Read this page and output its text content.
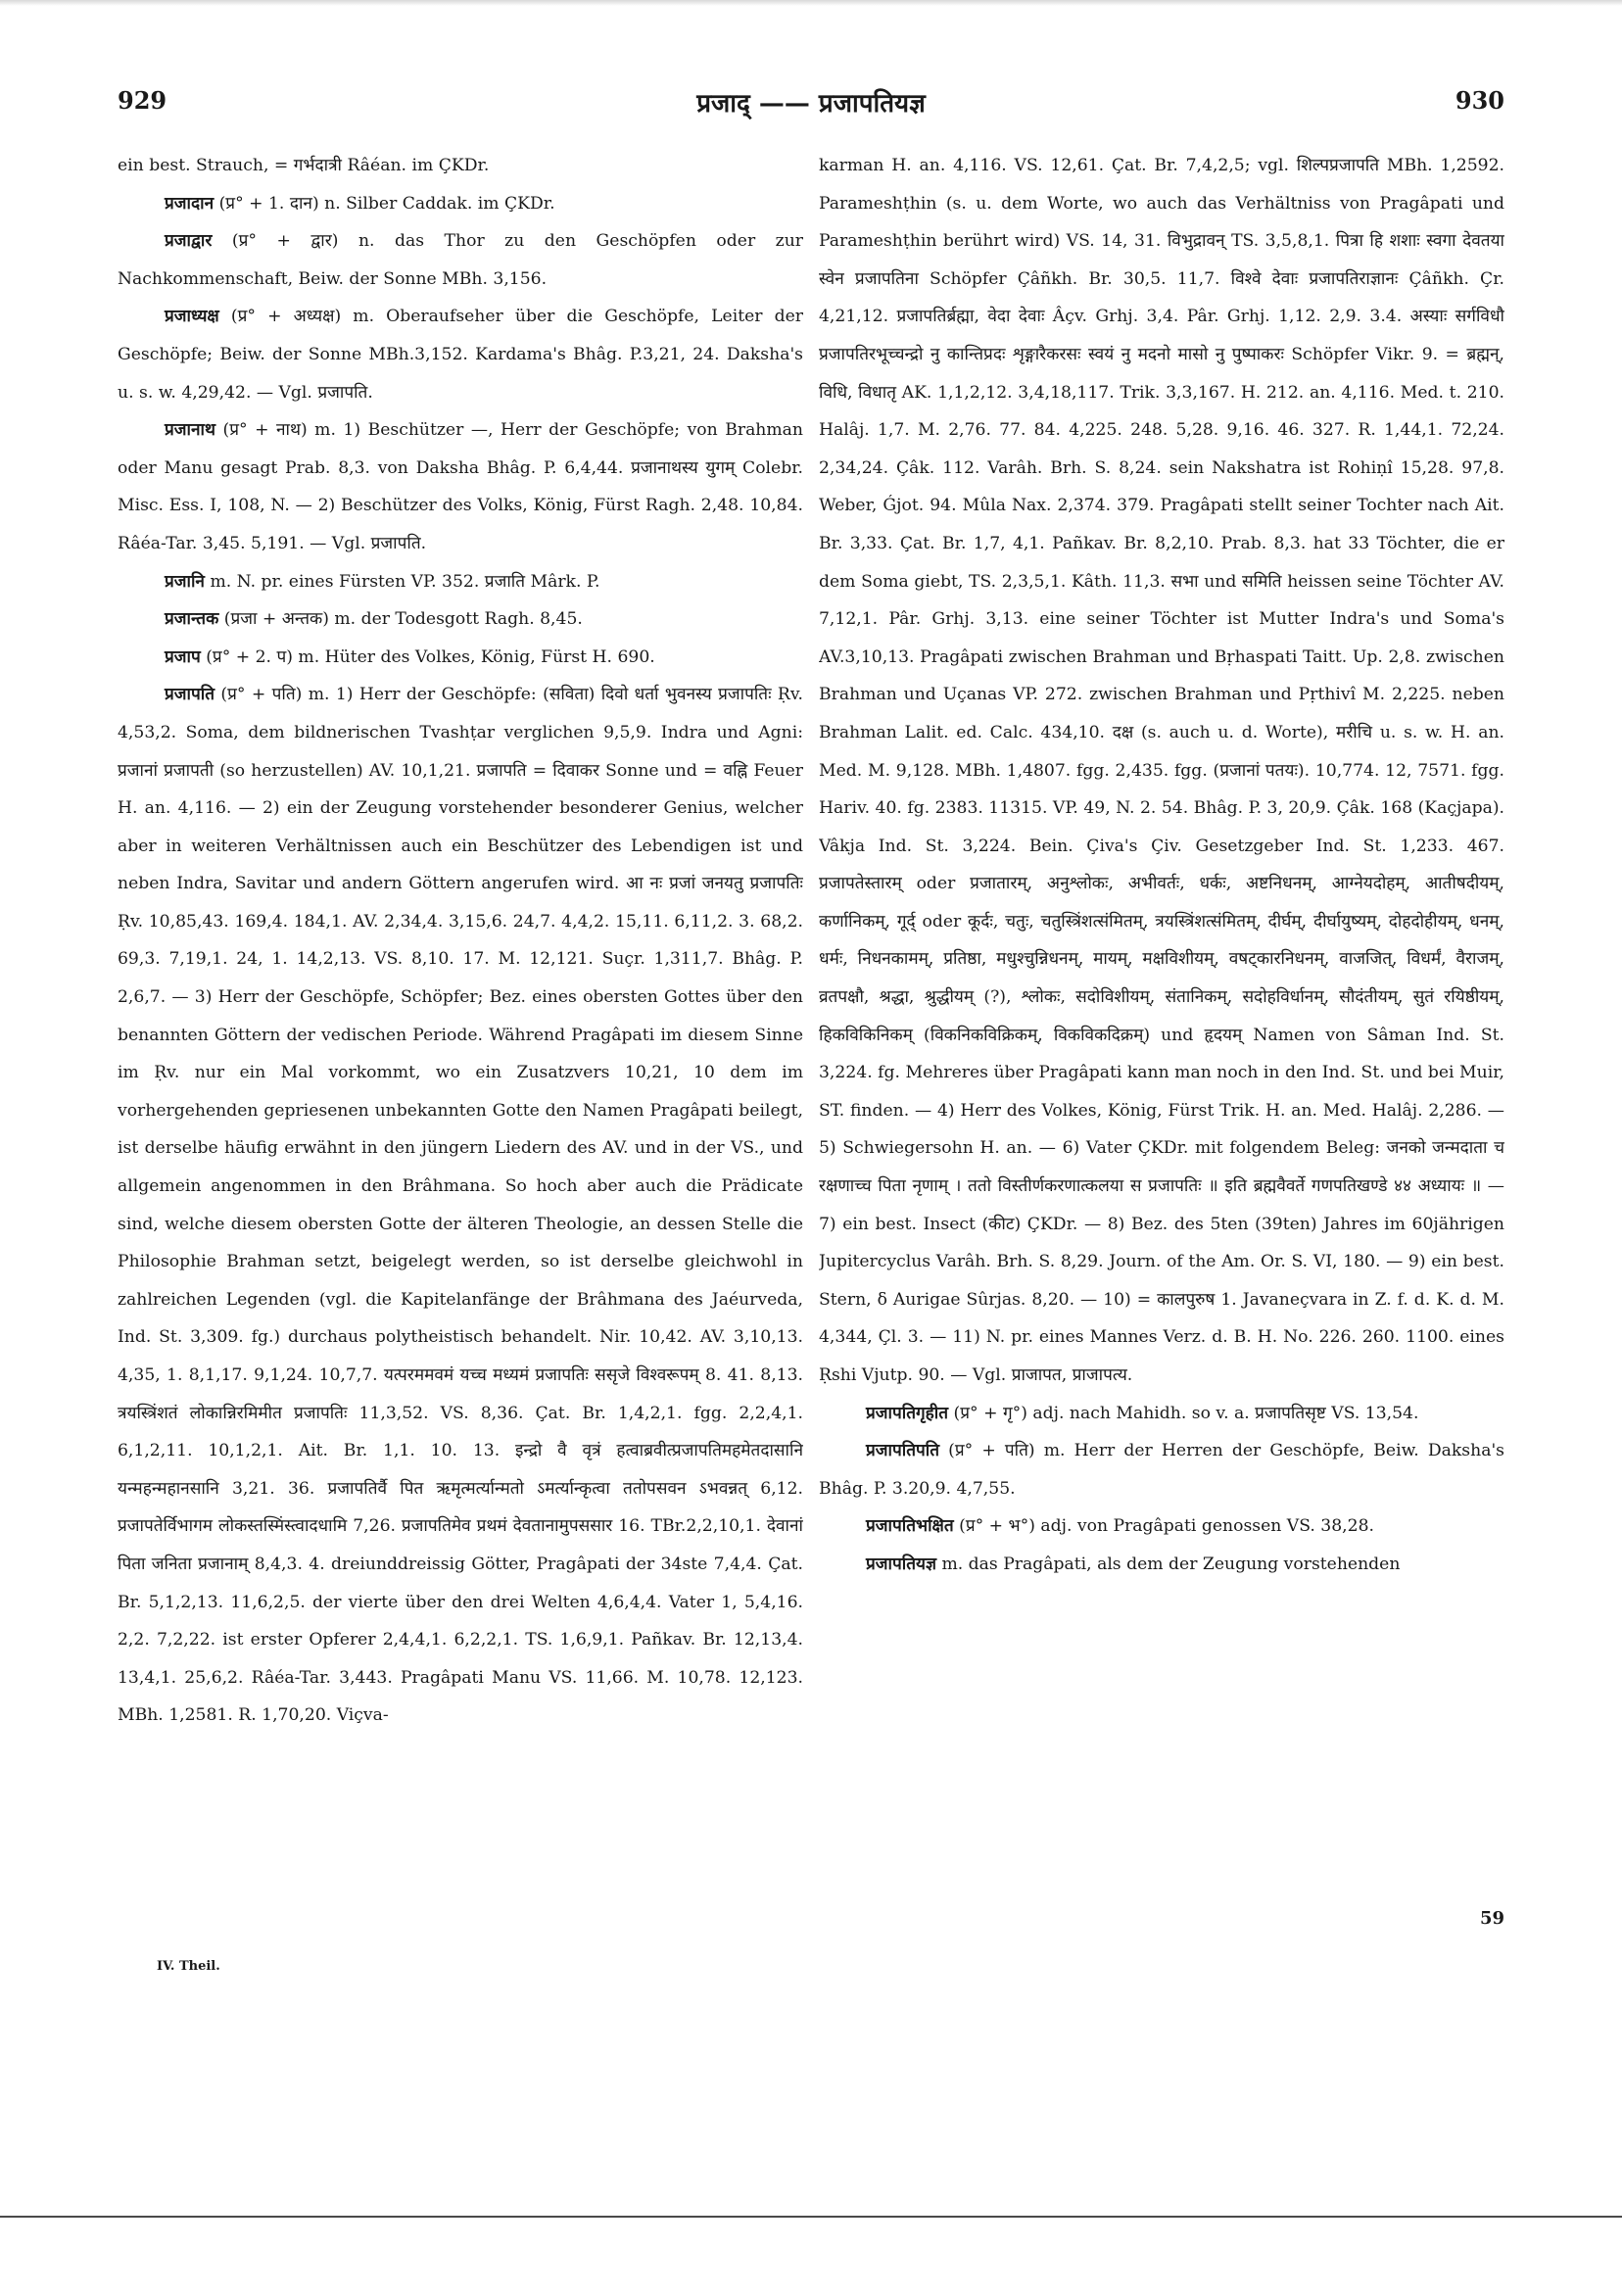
929	प्रजाद् —— प्रजापतियज्ञ	930

ein best. Strauch, = गर्भदात्री Râéan. im ÇKDr.

प्रजादान (प्र° + 1. दान) n. Silber Caddak. im ÇKDr.

प्रजाद्वार (प्र° + द्वार) n. das Thor zu den Geschöpfen oder zur Nachkommenschaft, Beiw. der Sonne MBh. 3,156.

प्रजाध्यक्ष (प्र° + अध्यक्ष) m. Oberaufseher über die Geschöpfe, Leiter der Geschöpfe; Beiw. der Sonne MBh.3,152. Kardama's Bhâg. P.3,21, 24. Daksha's u. s. w. 4,29,42. — Vgl. प्रजापति.

प्रजानाथ (प्र° + नाथ) m. 1) Beschützer —, Herr der Geschöpfe; von Brahman oder Manu gesagt Prab. 8,3. von Daksha Bhâg. P. 6,4,44. प्रजानाथस्य युगम् Colebr. Misc. Ess. I, 108, N. — 2) Beschützer des Volks, König, Fürst Ragh. 2,48. 10,84. Râéa-Tar. 3,45. 5,191. — Vgl. प्रजापति.

प्रजानि m. N. pr. eines Fürsten VP. 352. प्रजाति Mârk. P.

प्रजान्तक (प्रजा + अन्तक) m. der Todesgott Ragh. 8,45.

प्रजाप (प्र° + 2. प) m. Hüter des Volkes, König, Fürst H. 690.

प्रजापति (प्र° + पति) m. 1) Herr der Geschöpfe: (सविता) दिवो धर्ता भुवनस्य प्रजापतिः Ṛv. 4,53,2. Soma, dem bildnerischen Tvashṭar verglichen 9,5,9. Indra und Agni: प्रजानां प्रजापती (so herzustellen) AV. 10,1,21. प्रजापति = दिवाकर Sonne und = वह्नि Feuer H. an. 4,116. — 2) ein der Zeugung vorstehender besonderer Genius, welcher aber in weiteren Verhältnissen auch ein Beschützer des Lebendigen ist und neben Indra, Savitar und andern Göttern angerufen wird. आ नः प्रजां जनयतु प्रजापतिः Ṛv. 10,85,43. 169,4. 184,1. AV. 2,34,4. 3,15,6. 24,7. 4,4,2. 15,11. 6,11,2. 3. 68,2. 69,3. 7,19,1. 24, 1. 14,2,13. VS. 8,10. 17. M. 12,121. Suçr. 1,311,7. Bhâg. P. 2,6,7. — 3) Herr der Geschöpfe, Schöpfer; Bez. eines obersten Gottes über den benannten Göttern der vedischen Periode. Während Pragâpati im diesem Sinne im Ṛv. nur ein Mal vorkommt, wo ein Zusatzvers 10,21, 10 dem im vorhergehenden gepriesenen unbekannten Gotte den Namen Pragâpati beilegt, ist derselbe häufig erwähnt in den jüngern Liedern des AV. und in der VS., und allgemein angenommen in den Brâhmana. So hoch aber auch die Prädicate sind, welche diesem obersten Gotte der älteren Theologie, an dessen Stelle die Philosophie Brahman setzt, beigelegt werden, so ist derselbe gleichwohl in zahlreichen Legenden (vgl. die Kapitelanfänge der Brâhmana des Jaéurveda, Ind. St. 3,309. fg.) durchaus polytheistisch behandelt. Nir. 10,42. AV. 3,10,13. 4,35, 1. 8,1,17. 9,1,24. 10,7,7. यत्परममवमं यच्च मध्यमं प्रजापतिः ससृजे विश्वरूपम् 8. 41. 8,13. त्रयस्त्रिंशतं लोकान्निरमिमीत प्रजापतिः 11,3,52. VS. 8,36. Çat. Br. 1,4,2,1. fgg. 2,2,4,1. 6,1,2,11. 10,1,2,1. Ait. Br. 1,1. 10. 13. इन्द्रो वै वृत्रं हत्वाब्रवीत्प्रजापतिमहमेतदासानि यन्महन्महानसानि 3,21. 36. प्रजापतिर्वै पित ऋमृत्मर्त्यान्मतो ऽमर्त्यान्कृत्वा ततोपसवन ऽभवन्नत् 6,12. प्रजापतेर्विभागम लोकस्तस्मिंस्त्वादधामि 7,26. प्रजापतिमेव प्रथमं देवतानामुपससार 16. TBr.2,2,10,1. देवानां पिता जनिता प्रजानाम् 8,4,3. 4. dreiunddreissig Götter, Pragâpati der 34ste 7,4,4. Çat. Br. 5,1,2,13. 11,6,2,5. der vierte über den drei Welten 4,6,4,4. Vater 1, 5,4,16. 2,2. 7,2,22. ist erster Opferer 2,4,4,1. 6,2,2,1. TS. 1,6,9,1. Pañkav. Br. 12,13,4. 13,4,1. 25,6,2. Râéa-Tar. 3,443. Pragâpati Manu VS. 11,66. M. 10,78. 12,123. MBh. 1,2581. R. 1,70,20. Viçva-

karman H. an. 4,116. VS. 12,61. Çat. Br. 7,4,2,5; vgl. शिल्पप्रजापति MBh. 1,2592. Parameshṭhin (s. u. dem Worte, wo auch das Verhältniss von Pragâpati und Parameshṭhin berührt wird) VS. 14, 31. विभुद्रावन् TS. 3,5,8,1. पित्रा हि शशाः स्वगा देवतया स्वेन प्रजापतिना Schöpfer Çâñkh. Br. 30,5. 11,7. विश्वे देवाः प्रजापतिराज्ञानः Çâñkh. Çr. 4,21,12. प्रजापतिर्ब्रह्मा, वेदा देवाः Âçv. Grhj. 3,4. Pâr. Grhj. 1,12. 2,9. 3.4. अस्याः सर्गविधौ प्रजापतिरभूच्चन्द्रो नु कान्तिप्रदः शृङ्गारैकरसः स्वयं नु मदनो मासो नु पुष्पाकरः Schöpfer Vikr. 9. = ब्रह्मन्, विधि, विधातृ AK. 1,1,2,12. 3,4,18,117. Trik. 3,3,167. H. 212. an. 4,116. Med. t. 210. Halâj. 1,7. M. 2,76. 77. 84. 4,225. 248. 5,28. 9,16. 46. 327. R. 1,44,1. 72,24. 2,34,24. Çâk. 112. Varâh. Brh. S. 8,24. sein Nakshatra ist Rohiṇî 15,28. 97,8. Weber, Ǵjot. 94. Mûla Nax. 2,374. 379. Pragâpati stellt seiner Tochter nach Ait. Br. 3,33. Çat. Br. 1,7, 4,1. Pañkav. Br. 8,2,10. Prab. 8,3. hat 33 Töchter, die er dem Soma giebt, TS. 2,3,5,1. Kâth. 11,3. सभा und समिति heissen seine Töchter AV. 7,12,1. Pâr. Grhj. 3,13. eine seiner Töchter ist Mutter Indra's und Soma's AV.3,10,13. Pragâpati zwischen Brahman und Bṛhaspati Taitt. Up. 2,8. zwischen Brahman und Uçanas VP. 272. zwischen Brahman und Pṛthivî M. 2,225. neben Brahman Lalit. ed. Calc. 434,10. दक्ष (s. auch u. d. Worte), मरीचि u. s. w. H. an. Med. M. 9,128. MBh. 1,4807. fgg. 2,435. fgg. (प्रजानां पतयः). 10,774. 12, 7571. fgg. Hariv. 40. fg. 2383. 11315. VP. 49, N. 2. 54. Bhâg. P. 3, 20,9. Çâk. 168 (Kaçjapa). Vâkja Ind. St. 3,224. Bein. Çiva's Çiv. Gesetzgeber Ind. St. 1,233. 467. प्रजापतेस्तारम् oder प्रजातारम्, अनुश्लोकः, अभीवर्तः, धर्कः, अष्टनिधनम्, आग्नेयदोहम्, आतीषदीयम्, कर्णानिकम्, गूर्द् oder कूर्दः, चतुः, चतुस्त्रिंशत्संमितम्, त्रयस्त्रिंशत्संमितम्, दीर्घम्, दीर्घायुष्यम्, दोहदोहीयम्, धनम्, धर्मः, निधनकामम्, प्रतिष्ठा, मधुश्चुन्निधनम्, मायम्, मक्षविशीयम्, वषट्कारनिधनम्, वाजजित्, विधर्मं, वैराजम्, व्रतपक्षौ, श्रद्धा, श्रुद्धीयम् (?), श्लोकः, सदोविशीयम्, संतानिकम्, सदोहविर्धानम्, सौदंतीयम्, सुतं रयिष्ठीयम्, हिकविकिनिकम् (विकनिकविक्रिकम्, विकविकदिक्रम्) und हृदयम् Namen von Sâman Ind. St. 3,224. fg. Mehreres über Pragâpati kann man noch in den Ind. St. und bei Muir, ST. finden. — 4) Herr des Volkes, König, Fürst Trik. H. an. Med. Halâj. 2,286. — 5) Schwiegersohn H. an. — 6) Vater ÇKDr. mit folgendem Beleg: जनको जन्मदाता च रक्षणाच्च पिता नृणाम् । ततो विस्तीर्णकरणात्कलया स प्रजापतिः ॥ इति ब्रह्मवैवर्ते गणपतिखण्डे ४४ अध्यायः ॥ — 7) ein best. Insect (कीट) ÇKDr. — 8) Bez. des 5ten (39ten) Jahres im 60jährigen Jupitercyclus Varâh. Brh. S. 8,29. Journ. of the Am. Or. S. VI, 180. — 9) ein best. Stern, δ Aurigae Sûrjas. 8,20. — 10) = कालपुरुष 1. Javaneçvara in Z. f. d. K. d. M. 4,344, Çl. 3. — 11) N. pr. eines Mannes Verz. d. B. H. No. 226. 260. 1100. eines Ṛshi Vjutp. 90. — Vgl. प्राजापत, प्राजापत्य.

प्रजापतिगृहीत (प्र° + गृ°) adj. nach Mahidh. so v. a. प्रजापतिसृष्ट VS. 13,54.

प्रजापतिपति (प्र° + पति) m. Herr der Herren der Geschöpfe, Beiw. Daksha's Bhâg. P. 3.20,9. 4,7,55.

प्रजापतिभक्षित (प्र° + भ°) adj. von Pragâpati genossen VS. 38,28.

प्रजापतियज्ञ m. das Pragâpati, als dem der Zeugung vorstehenden

IV. Theil.
59
